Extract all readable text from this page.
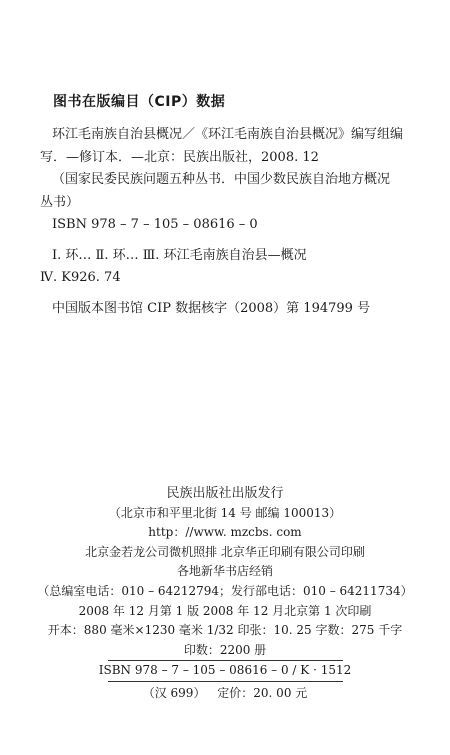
图书在版编目（CIP）数据
环江毛南族自治县概况／《环江毛南族自治县概况》编写组编
写．—修订本．—北京：民族出版社，2008. 12
（国家民委民族问题五种丛书．中国少数民族自治地方概况
丛书）
ISBN 978 – 7 – 105 – 08616 – 0
Ⅰ. 环… Ⅱ. 环… Ⅲ. 环江毛南族自治县—概况
Ⅳ. K926. 74
中国版本图书馆 CIP 数据核字（2008）第 194799 号
民族出版社出版发行
（北京市和平里北街 14 号 邮编 100013）
http：//www. mzcbs. com
北京金若龙公司微机照排 北京华正印刷有限公司印刷
各地新华书店经销
（总编室电话：010 – 64212794；发行部电话：010 – 64211734）
2008 年 12 月第 1 版 2008 年 12 月北京第 1 次印刷
开本：880 毫米×1230 毫米 1/32 印张：10. 25 字数：275 千字
印数：2200 册
ISBN 978 – 7 – 105 – 08616 – 0 / K · 1512
（汉 699） 定价：20. 00 元
